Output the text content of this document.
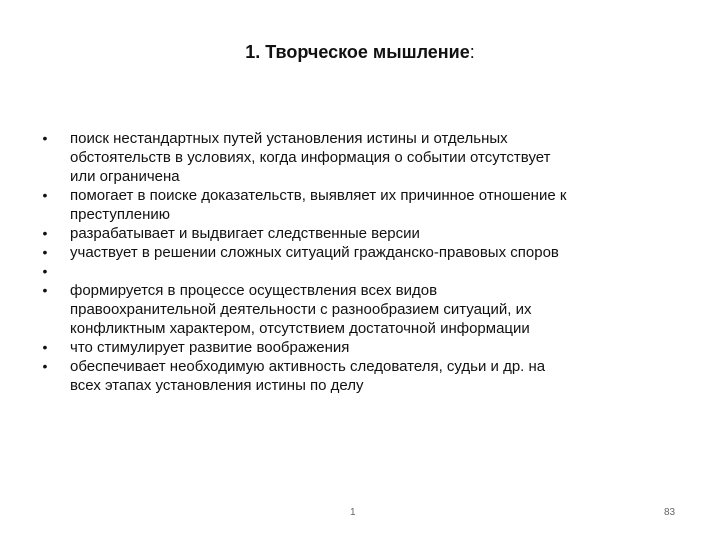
1. Творческое мышление:
• поиск нестандартных путей установления истины и отдельных
обстоятельств в условиях, когда информация о событии отсутствует
или ограничена
• помогает в поиске доказательств, выявляет их причинное отношение к
преступлению
• разрабатывает и выдвигает следственные версии
• участвует в решении сложных ситуаций гражданско-правовых споров
•
• формируется в процессе осуществления всех видов
правоохранительной деятельности с разнообразием ситуаций, их
конфликтным характером, отсутствием достаточной информации
• что стимулирует развитие воображения
• обеспечивает необходимую активность следователя, судьи и др. на
всех этапах установления истины по делу
1	83
